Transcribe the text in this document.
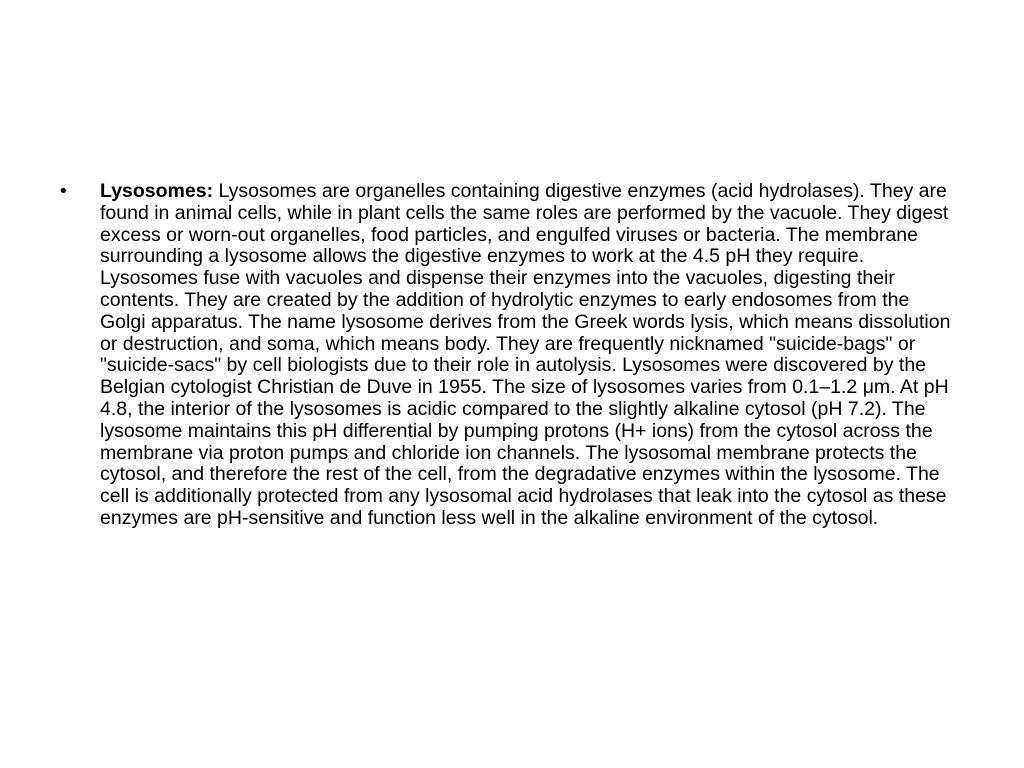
• Lysosomes: Lysosomes are organelles containing digestive enzymes (acid hydrolases). They are found in animal cells, while in plant cells the same roles are performed by the vacuole. They digest excess or worn-out organelles, food particles, and engulfed viruses or bacteria. The membrane surrounding a lysosome allows the digestive enzymes to work at the 4.5 pH they require. Lysosomes fuse with vacuoles and dispense their enzymes into the vacuoles, digesting their contents. They are created by the addition of hydrolytic enzymes to early endosomes from the Golgi apparatus. The name lysosome derives from the Greek words lysis, which means dissolution or destruction, and soma, which means body. They are frequently nicknamed "suicide-bags" or "suicide-sacs" by cell biologists due to their role in autolysis. Lysosomes were discovered by the Belgian cytologist Christian de Duve in 1955. The size of lysosomes varies from 0.1–1.2 μm. At pH 4.8, the interior of the lysosomes is acidic compared to the slightly alkaline cytosol (pH 7.2). The lysosome maintains this pH differential by pumping protons (H+ ions) from the cytosol across the membrane via proton pumps and chloride ion channels. The lysosomal membrane protects the cytosol, and therefore the rest of the cell, from the degradative enzymes within the lysosome. The cell is additionally protected from any lysosomal acid hydrolases that leak into the cytosol as these enzymes are pH-sensitive and function less well in the alkaline environment of the cytosol.
